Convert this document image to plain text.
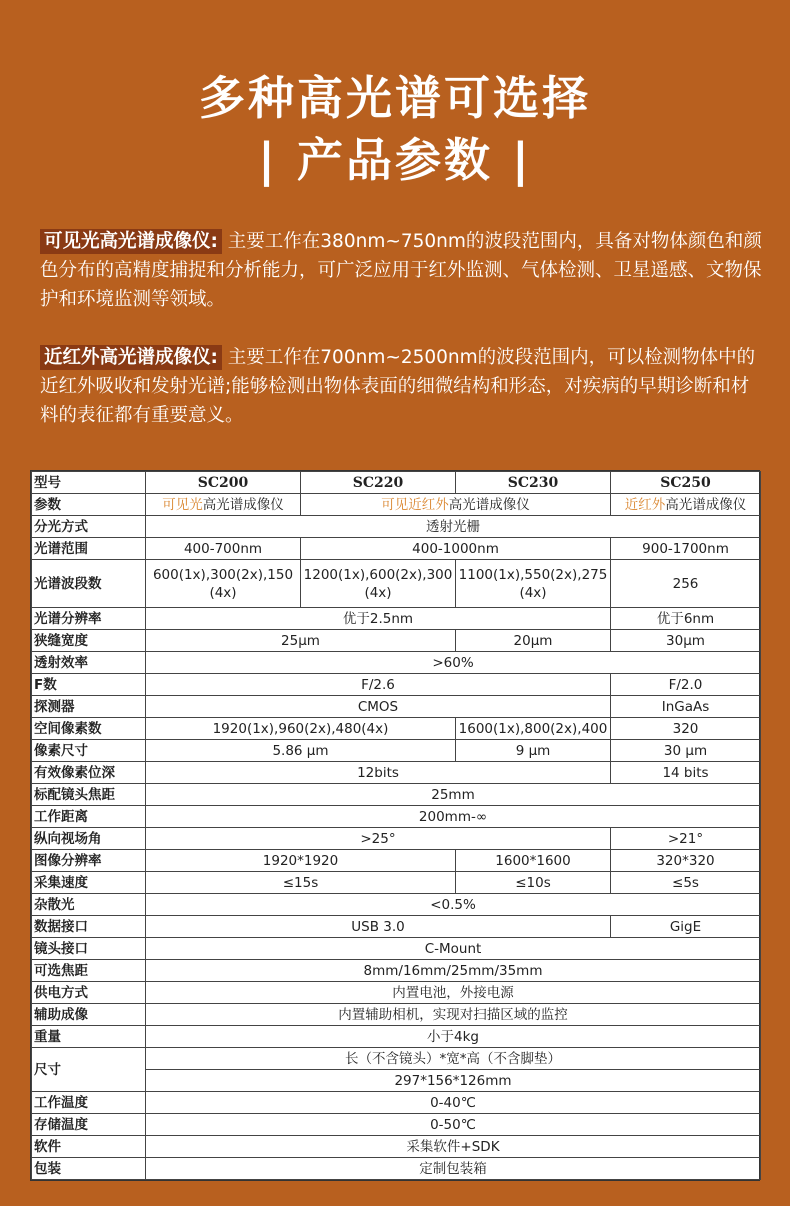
多种高光谱可选择
| 产品参数 |
可见光高光谱成像仪: 主要工作在380nm~750nm的波段范围内，具备对物体颜色和颜色分布的高精度捕捉和分析能力，可广泛应用于红外监测、气体检测、卫星遥感、文物保护和环境监测等领域。
近红外高光谱成像仪: 主要工作在700nm~2500nm的波段范围内，可以检测物体中的近红外吸收和发射光谱;能够检测出物体表面的细微结构和形态，对疾病的早期诊断和材料的表征都有重要意义。
型号	SC200	SC220	SC230	SC250
参数	可见光高光谱成像仪	可见近红外高光谱成像仪		近红外高光谱成像仪
分光方式	透射光栅			
光谱范围	400-700nm	400-1000nm		900-1700nm
光谱波段数	600(1x),300(2x),150(4x)	1200(1x),600(2x),300(4x)	1100(1x),550(2x),275(4x)	256
光谱分辨率	优于2.5nm			优于6nm
狭缝宽度	25μm		20μm	30μm
透射效率	>60%			
F数	F/2.6			F/2.0
探测器	CMOS			InGaAs
空间像素数	1920(1x),960(2x),480(4x)		1600(1x),800(2x),400	320
像素尺寸	5.86 μm		9 μm	30 μm
有效像素位深	12bits			14 bits
标配镜头焦距	25mm			
工作距离	200mm-∞			
纵向视场角	>25°			>21°
图像分辨率	1920*1920		1600*1600	320*320
采集速度	≤15s		≤10s	≤5s
杂散光	<0.5%			
数据接口	USB 3.0			GigE
镜头接口	C-Mount			
可选焦距	8mm/16mm/25mm/35mm			
供电方式	内置电池，外接电源			
辅助成像	内置辅助相机，实现对扫描区域的监控			
重量	小于4kg			
尺寸	长（不含镜头）*宽*高（不含脚垫）			
	297*156*126mm			
工作温度	0-40℃			
存储温度	0-50℃			
软件	采集软件+SDK			
包装	定制包装箱			
